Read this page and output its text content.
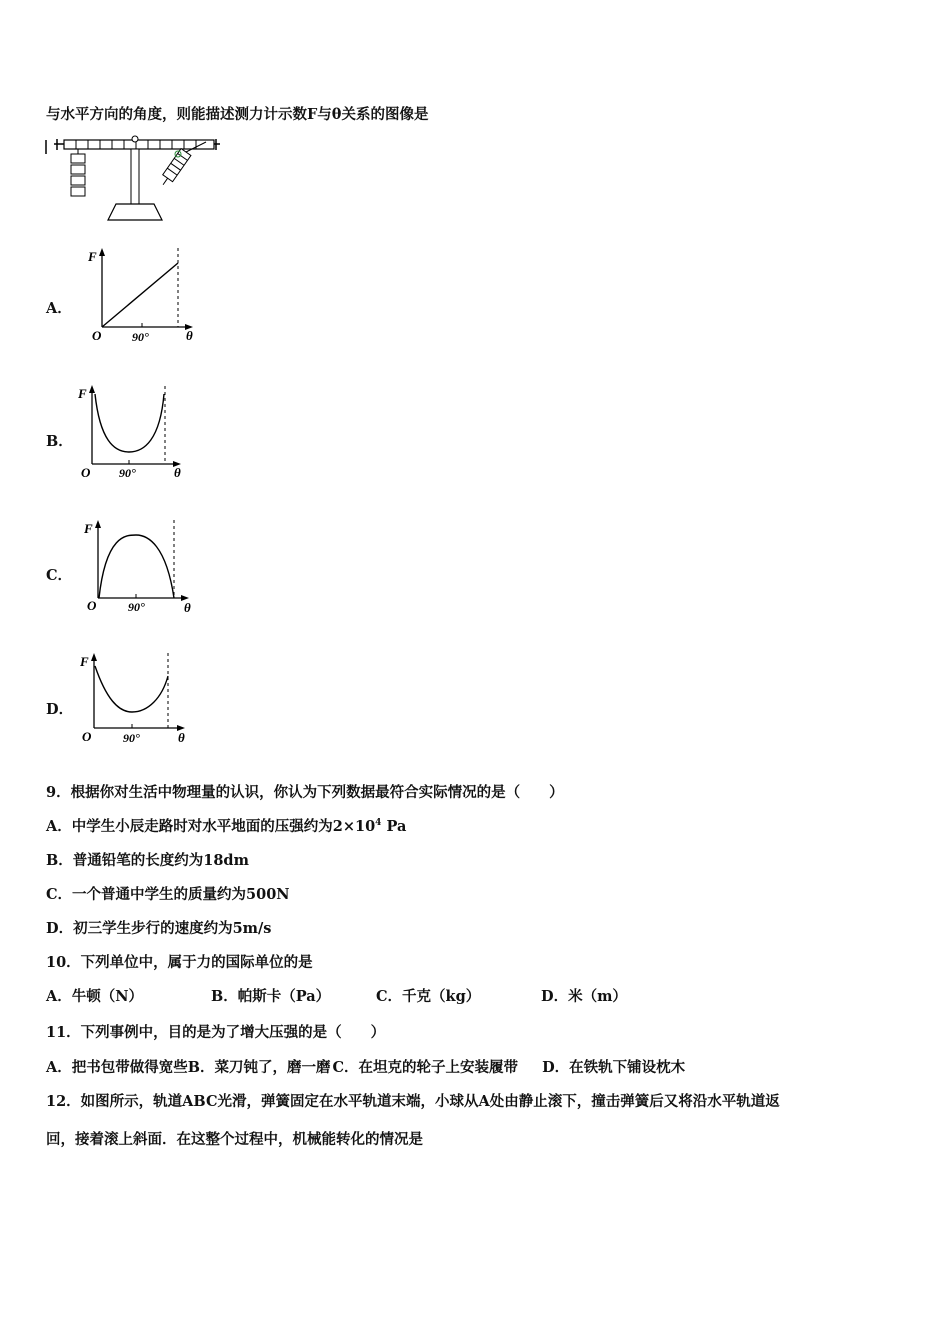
与水平方向的角度，则能描述测力计示数F与θ关系的图像是
A．
F
O	90°	θ
B．
F
O 90°	θ
C．
F
O	90°	θ
D．
F
O	90°	θ
9．根据你对生活中物理量的认识，你认为下列数据最符合实际情况的是（　　）
A．中学生小辰走路时对水平地面的压强约为$2\times 10^4$ Pa
B．普通铅笔的长度约为18dm
C．一个普通中学生的质量约为500N
D．初三学生步行的速度约为5m/s
10．下列单位中，属于力的国际单位的是
A．牛顿（N）	B．帕斯卡（Pa）	C．千克（kg）	D．米（m）
11．下列事例中，目的是为了增大压强的是（　　）
A．把书包带做得宽些B．菜刀钝了，磨一磨 C．在坦克的轮子上安装履带 D．在铁轨下铺设枕木
12．如图所示，轨道ABC光滑，弹簧固定在水平轨道末端，小球从A处由静止滚下，撞击弹簧后又将沿水平轨道返
回，接着滚上斜面．在这整个过程中，机械能转化的情况是
